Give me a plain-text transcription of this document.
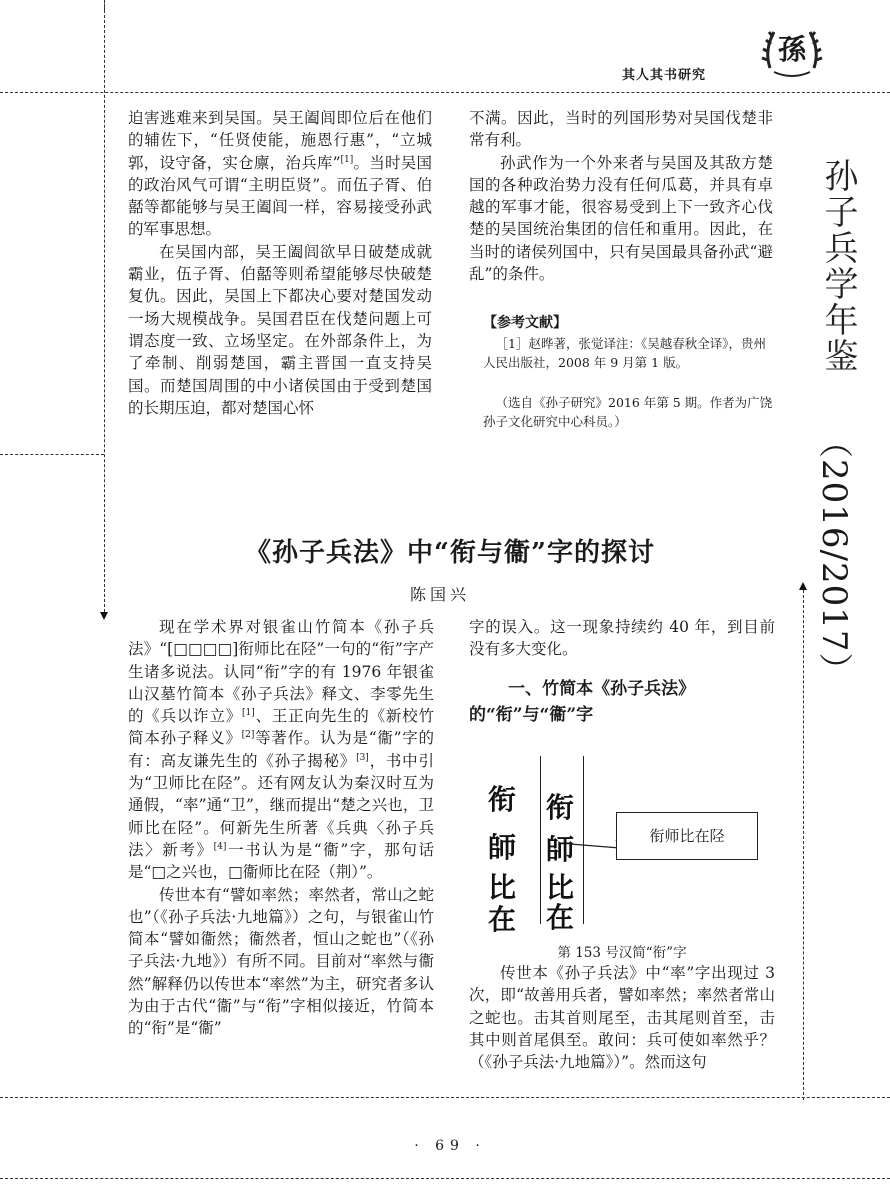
其人其书研究
孫
孙子兵学年鉴
（2016/2017）

迫害逃难来到吴国。吴王阖闾即位后在他们的辅佐下，“任贤使能，施恩行惠”，“立城郭，设守备，实仓廪，治兵库”[1]。当时吴国的政治风气可谓“主明臣贤”。而伍子胥、伯嚭等都能够与吴王阖闾一样，容易接受孙武的军事思想。

在吴国内部，吴王阖闾欲早日破楚成就霸业，伍子胥、伯嚭等则希望能够尽快破楚复仇。因此，吴国上下都决心要对楚国发动一场大规模战争。吴国君臣在伐楚问题上可谓态度一致、立场坚定。在外部条件上，为了牵制、削弱楚国，霸主晋国一直支持吴国。而楚国周围的中小诸侯国由于受到楚国的长期压迫，都对楚国心怀

不满。因此，当时的列国形势对吴国伐楚非常有利。

孙武作为一个外来者与吴国及其敌方楚国的各种政治势力没有任何瓜葛，并具有卓越的军事才能，很容易受到上下一致齐心伐楚的吴国统治集团的信任和重用。因此，在当时的诸侯列国中，只有吴国最具备孙武“避乱”的条件。

【参考文献】
［1］赵晔著，张觉译注：《吴越春秋全译》，贵州人民出版社，2008 年 9 月第 1 版。
（选自《孙子研究》2016 年第 5 期。作者为广饶孙子文化研究中心科员。）
《孙子兵法》中“衔与衞”字的探讨
陈国兴

现在学术界对银雀山竹简本《孙子兵法》“[□□□□]衔师比在陉”一句的“衔”字产生诸多说法。认同“衔”字的有 1976 年银雀山汉墓竹简本《孙子兵法》释文、李零先生的《兵以诈立》[1]、王正向先生的《新校竹简本孙子释义》[2]等著作。认为是“衞”字的有：高友谦先生的《孙子揭秘》[3]，书中引为“卫师比在陉”。还有网友认为秦汉时互为通假，“率”通“卫”，继而提出“楚之兴也，卫师比在陉”。何新先生所著《兵典〈孙子兵法〉新考》[4]一书认为是“衞”字，那句话是“□之兴也，□衞师比在陉（荆）”。

传世本有“譬如率然；率然者，常山之蛇也”（《孙子兵法·九地篇》）之句，与银雀山竹简本“譬如衞然；衞然者，恒山之蛇也”（《孙子兵法·九地》）有所不同。目前对“率然与衞然”解释仍以传世本“率然”为主，研究者多认为由于古代“衞”与“衔”字相似接近，竹简本的“衔”是“衞”

字的误入。这一现象持续约 40 年，到目前没有多大变化。

一、竹简本《孙子兵法》的“衔”与“衞”字
衔
師
比
在
衔
師
比
在
衔师比在陉
第 153 号汉简“衔”字

传世本《孙子兵法》中“率”字出现过 3 次，即“故善用兵者，譬如率然；率然者常山之蛇也。击其首则尾至，击其尾则首至，击其中则首尾俱至。敢问：兵可使如率然乎？（《孙子兵法·九地篇》）”。然而这句

· 69 ·
